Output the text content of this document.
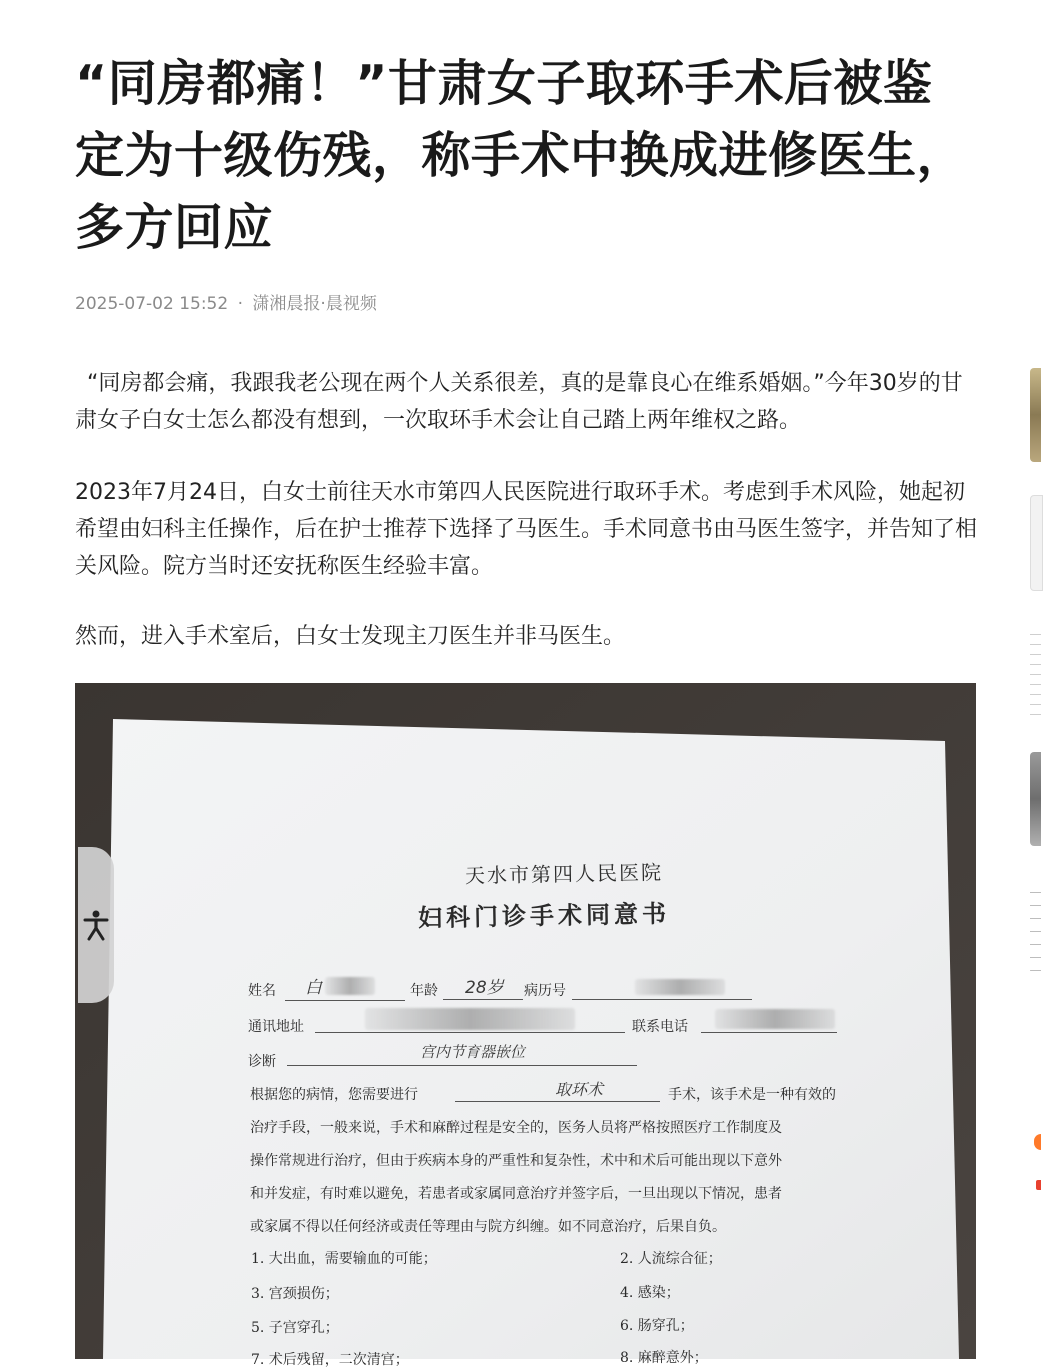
“同房都痛！”甘肃女子取环手术后被鉴定为十级伤残，称手术中换成进修医生，多方回应
2025-07-02 15:52 · 潇湘晨报·晨视频

“同房都会痛，我跟我老公现在两个人关系很差，真的是靠良心在维系婚姻。”今年30岁的甘肃女子白女士怎么都没有想到，一次取环手术会让自己踏上两年维权之路。

2023年7月24日，白女士前往天水市第四人民医院进行取环手术。考虑到手术风险，她起初希望由妇科主任操作，后在护士推荐下选择了马医生。手术同意书由马医生签字，并告知了相关风险。院方当时还安抚称医生经验丰富。

然而，进入手术室后，白女士发现主刀医生并非马医生。

天水市第四人民医院
妇科门诊手术同意书
姓名 白	年龄 28岁 病历号
通讯地址	联系电话
诊断
宫内节育器嵌位
根据您的病情，您需要进行	取环术	手术，该手术是一种有效的
治疗手段，一般来说，手术和麻醉过程是安全的，医务人员将严格按照医疗工作制度及
操作常规进行治疗，但由于疾病本身的严重性和复杂性，术中和术后可能出现以下意外
和并发症，有时难以避免，若患者或家属同意治疗并签字后，一旦出现以下情况，患者
或家属不得以任何经济或责任等理由与院方纠缠。如不同意治疗，后果自负。
1. 大出血，需要输血的可能；	2. 人流综合征；
3. 宫颈损伤；	4. 感染；
5. 子宫穿孔；	6. 肠穿孔；
7. 术后残留，二次清宫；	8. 麻醉意外；
